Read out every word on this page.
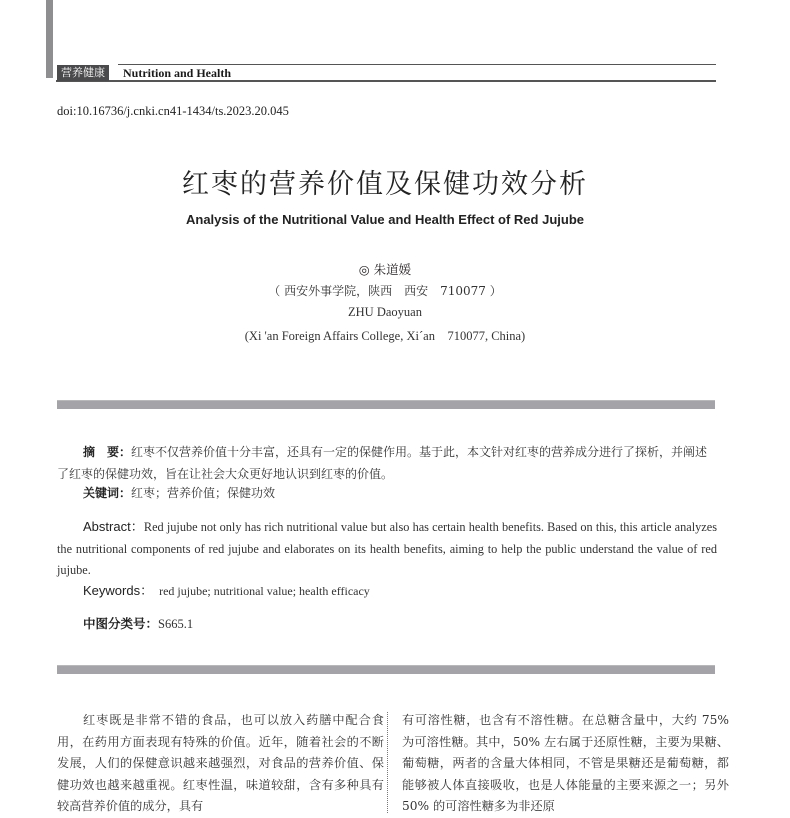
营养健康	Nutrition and Health
doi:10.16736/j.cnki.cn41-1434/ts.2023.20.045
红枣的营养价值及保健功效分析
Analysis of the Nutritional Value and Health Effect of Red Jujube
◎ 朱道媛
（ 西安外事学院，陕西　西安　710077 ）
ZHU Daoyuan
(Xi 'an Foreign Affairs College, Xi´an　710077, China)
摘　要：红枣不仅营养价值十分丰富，还具有一定的保健作用。基于此，本文针对红枣的营养成分进行了探析，并阐述了红枣的保健功效，旨在让社会大众更好地认识到红枣的价值。
关键词：红枣；营养价值；保健功效
Abstract：Red jujube not only has rich nutritional value but also has certain health benefits. Based on this, this article analyzes the nutritional components of red jujube and elaborates on its health benefits, aiming to help the public understand the value of red jujube.
Keywords： red jujube; nutritional value; health efficacy
中图分类号：S665.1
红枣既是非常不错的食品，也可以放入药膳中配合食用，在药用方面表现有特殊的价值。近年，随着社会的不断发展，人们的保健意识越来越强烈，对食品的营养价值、保健功效也越来越重视。红枣性温，味道较甜，含有多种具有较高营养价值的成分，具有
有可溶性糖，也含有不溶性糖。在总糖含量中，大约 75% 为可溶性糖。其中，50% 左右属于还原性糖，主要为果糖、葡萄糖，两者的含量大体相同，不管是果糖还是葡萄糖，都能够被人体直接吸收，也是人体能量的主要来源之一；另外 50% 的可溶性糖多为非还原
